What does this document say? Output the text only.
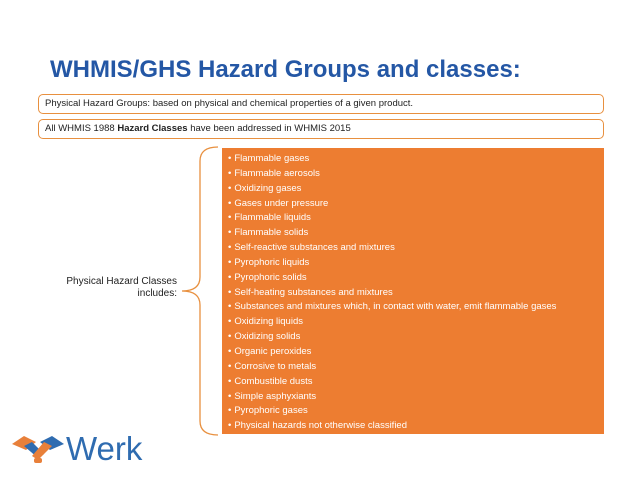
WHMIS/GHS Hazard Groups and classes:
Physical Hazard Groups: based on physical and chemical properties of a given product.
All WHMIS 1988 Hazard Classes have been addressed in WHMIS 2015
Physical Hazard Classes
includes:
• Flammable gases
• Flammable aerosols
• Oxidizing gases
• Gases under pressure
• Flammable liquids
• Flammable solids
• Self-reactive substances and mixtures
• Pyrophoric liquids
• Pyrophoric solids
• Self-heating substances and mixtures
• Substances and mixtures which, in contact with water, emit flammable gases
• Oxidizing liquids
• Oxidizing solids
• Organic peroxides
• Corrosive to metals
• Combustible dusts
• Simple asphyxiants
• Pyrophoric gases
• Physical hazards not otherwise classified
Werk
